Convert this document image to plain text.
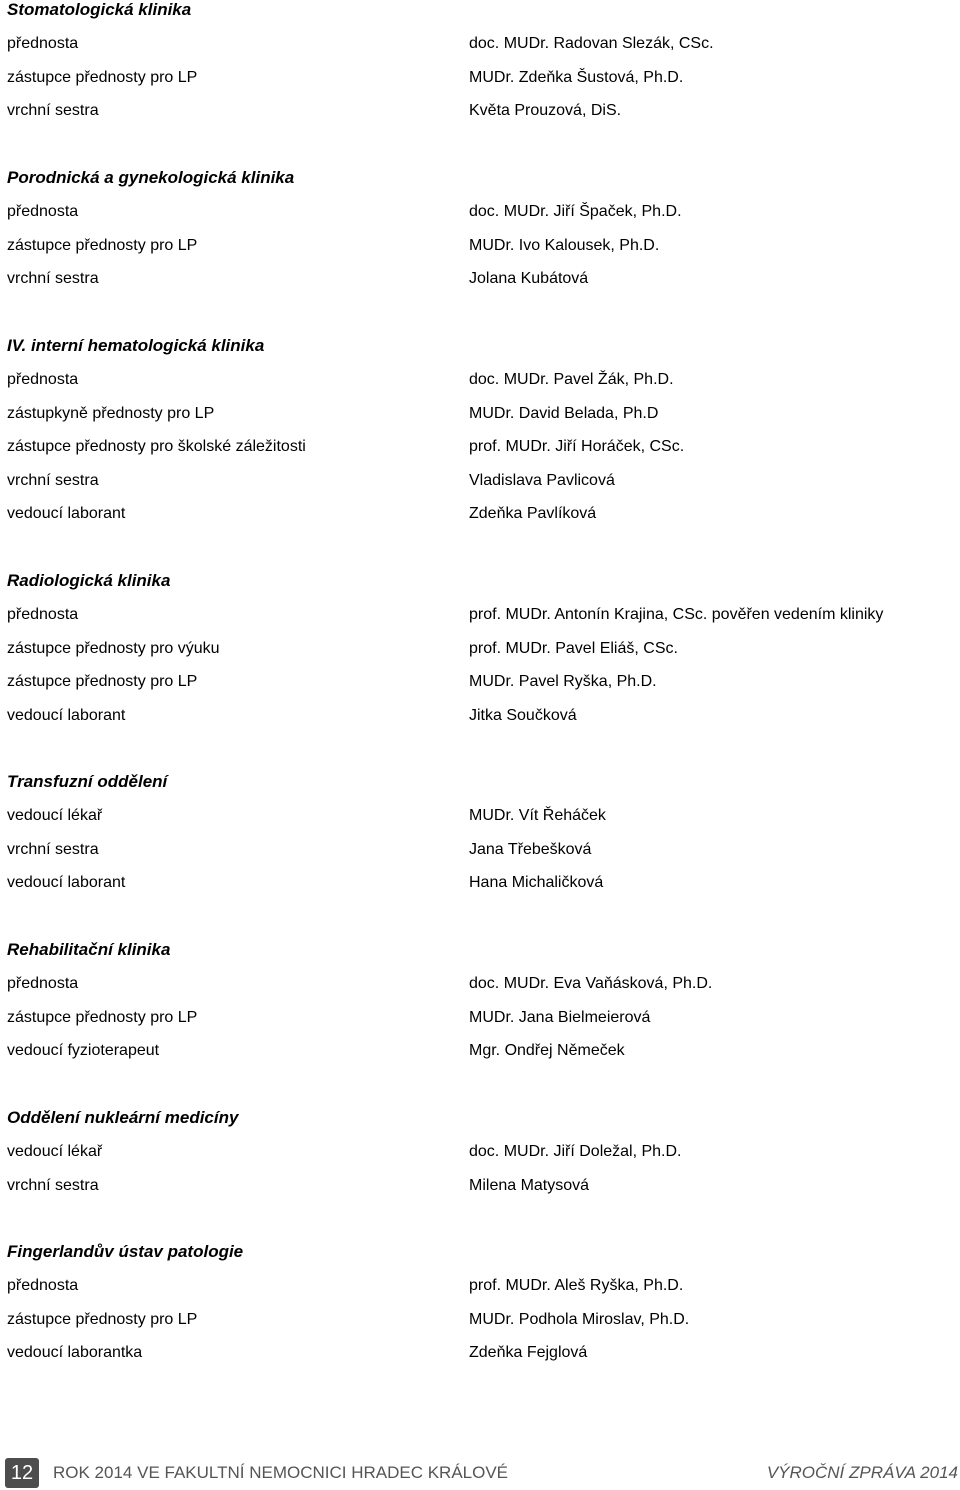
Stomatologická klinika
přednosta	doc. MUDr. Radovan Slezák, CSc.
zástupce přednosty pro LP	MUDr. Zdeňka Šustová, Ph.D.
vrchní sestra	Květa Prouzová, DiS.
Porodnická a gynekologická klinika
přednosta	doc. MUDr. Jiří Špaček, Ph.D.
zástupce přednosty pro LP	MUDr. Ivo Kalousek, Ph.D.
vrchní sestra	Jolana Kubátová
IV. interní hematologická klinika
přednosta	doc. MUDr. Pavel Žák, Ph.D.
zástupkyně přednosty pro LP	MUDr. David Belada, Ph.D
zástupce přednosty pro školské záležitosti	prof. MUDr. Jiří Horáček, CSc.
vrchní sestra	Vladislava Pavlicová
vedoucí laborant	Zdeňka Pavlíková
Radiologická klinika
přednosta	prof. MUDr. Antonín Krajina, CSc. pověřen vedením kliniky
zástupce přednosty pro výuku	prof. MUDr. Pavel Eliáš, CSc.
zástupce přednosty pro LP	MUDr. Pavel Ryška, Ph.D.
vedoucí laborant	Jitka Součková
Transfuzní oddělení
vedoucí lékař	MUDr. Vít Řeháček
vrchní sestra	Jana Třebešková
vedoucí laborant	Hana Michaličková
Rehabilitační klinika
přednosta	doc. MUDr. Eva Vaňásková, Ph.D.
zástupce přednosty pro LP	MUDr. Jana Bielmeierová
vedoucí fyzioterapeut	Mgr. Ondřej Němeček
Oddělení nukleární medicíny
vedoucí lékař	doc. MUDr. Jiří Doležal, Ph.D.
vrchní sestra	Milena Matysová
Fingerlandův ústav patologie
přednosta	prof. MUDr. Aleš Ryška, Ph.D.
zástupce přednosty pro LP	MUDr. Podhola Miroslav, Ph.D.
vedoucí laborantka	Zdeňka Fejglová
12	ROK 2014 VE FAKULTNÍ NEMOCNICI HRADEC KRÁLOVÉ	VÝROČNÍ ZPRÁVA 2014
